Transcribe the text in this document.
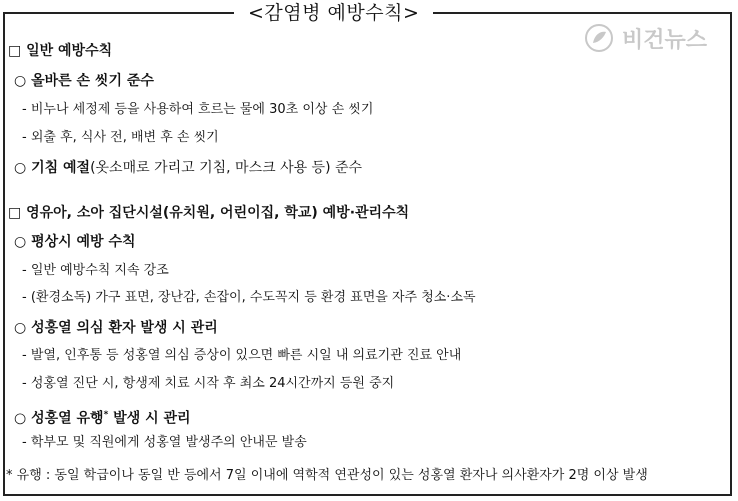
<감염병 예방수칙>
비건뉴스
□ 일반 예방수칙
○ 올바른 손 씻기 준수
- 비누나 세정제 등을 사용하여 흐르는 물에 30초 이상 손 씻기
- 외출 후, 식사 전, 배변 후 손 씻기
○ 기침 예절(옷소매로 가리고 기침, 마스크 사용 등) 준수
□ 영유아, 소아 집단시설(유치원, 어린이집, 학교) 예방·관리수칙
○ 평상시 예방 수칙
- 일반 예방수칙 지속 강조
- (환경소독) 가구 표면, 장난감, 손잡이, 수도꼭지 등 환경 표면을 자주 청소·소독
○ 성홍열 의심 환자 발생 시 관리
- 발열, 인후통 등 성홍열 의심 증상이 있으면 빠른 시일 내 의료기관 진료 안내
- 성홍열 진단 시, 항생제 치료 시작 후 최소 24시간까지 등원 중지
○ 성홍열 유행* 발생 시 관리
- 학부모 및 직원에게 성홍열 발생주의 안내문 발송
* 유행 : 동일 학급이나 동일 반 등에서 7일 이내에 역학적 연관성이 있는 성홍열 환자나 의사환자가 2명 이상 발생
